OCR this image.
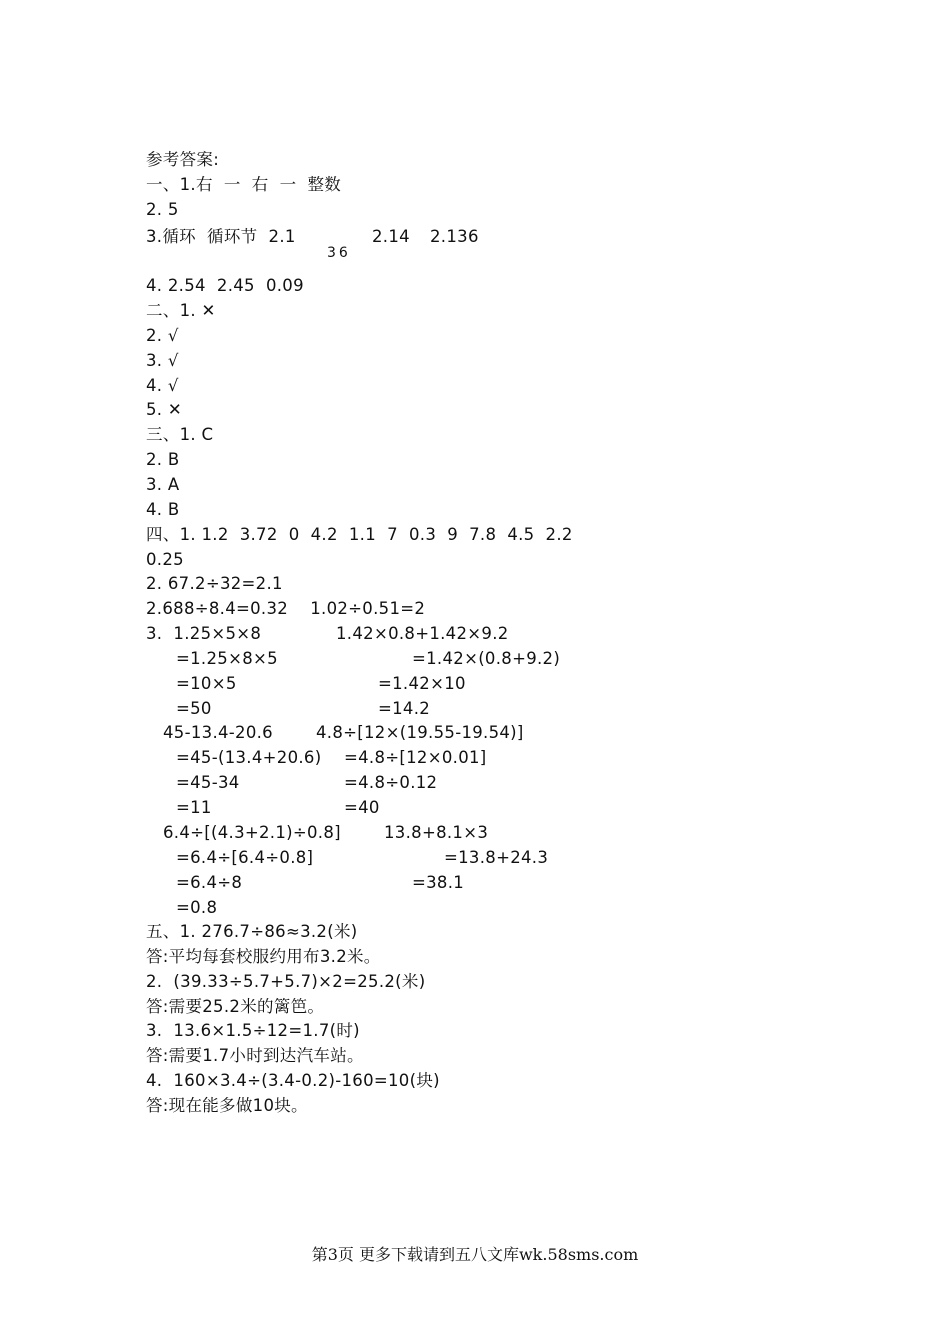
参考答案:
一、1.右  一  右  一  整数
2. 5
3.循环  循环节  2.1
36
2.14 2.136
4. 2.54  2.45  0.09
二、1. ✕
2. √
3. √
4. √
5. ✕
三、1. C
2. B
3. A
4. B
四、1. 1.2  3.72  0  4.2  1.1  7  0.3  9  7.8  4.5  2.2
0.25
2. 67.2÷32=2.1
2.688÷8.4=0.32    1.02÷0.51=2
3.  1.25×5×8	1.42×0.8+1.42×9.2
=1.25×8×5	=1.42×(0.8+9.2)
=10×5	=1.42×10
=50	=14.2
45-13.4-20.6	4.8÷[12×(19.55-19.54)]
=45-(13.4+20.6) =4.8÷[12×0.01]
=45-34	=4.8÷0.12
=11	=40
6.4÷[(4.3+2.1)÷0.8]	13.8+8.1×3
=6.4÷[6.4÷0.8]	=13.8+24.3
=6.4÷8	=38.1
=0.8
五、1. 276.7÷86≈3.2(米)
答:平均每套校服约用布3.2米。
2.  (39.33÷5.7+5.7)×2=25.2(米)
答:需要25.2米的篱笆。
3.  13.6×1.5÷12=1.7(时)
答:需要1.7小时到达汽车站。
4.  160×3.4÷(3.4-0.2)-160=10(块)
答:现在能多做10块。
第3页 更多下载请到五八文库wk.58sms.com
